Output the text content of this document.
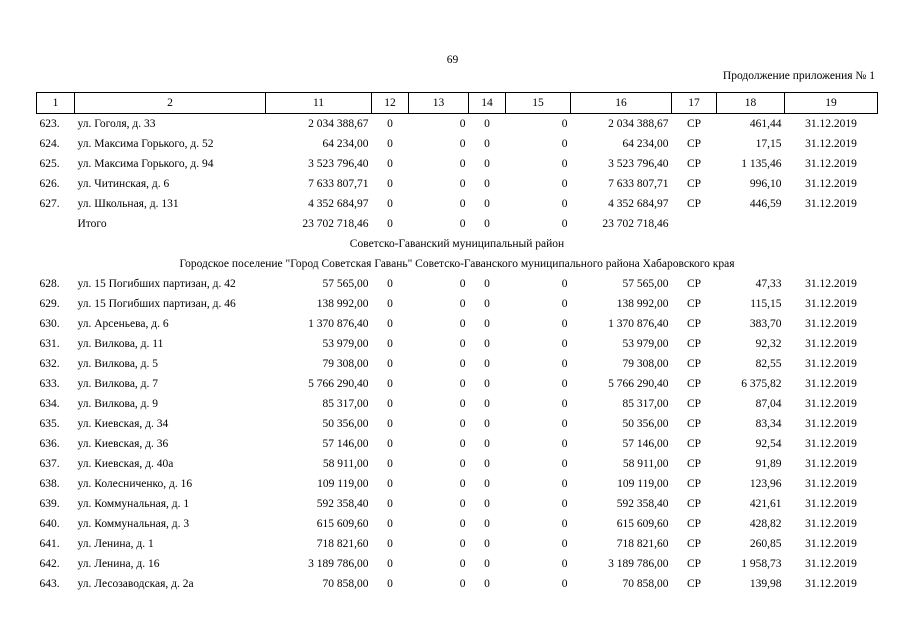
69
Продолжение приложения № 1
1	2	11	12	13	14	15	16	17	18	19
623.	ул. Гоголя, д. 33	2 034 388,67	0	0	0	0	2 034 388,67	СР	461,44	31.12.2019
624.	ул. Максима Горького, д. 52	64 234,00	0	0	0	0	64 234,00	СР	17,15	31.12.2019
625.	ул. Максима Горького, д. 94	3 523 796,40	0	0	0	0	3 523 796,40	СР	1 135,46	31.12.2019
626.	ул. Читинская, д. 6	7 633 807,71	0	0	0	0	7 633 807,71	СР	996,10	31.12.2019
627.	ул. Школьная, д. 131	4 352 684,97	0	0	0	0	4 352 684,97	СР	446,59	31.12.2019
	Итого	23 702 718,46	0	0	0	0	23 702 718,46			
Советско-Гаванский муниципальный район										
Городское поселение "Город Советская Гавань" Советско-Гаванского муниципального района Хабаровского края										
628.	ул. 15 Погибших партизан, д. 42	57 565,00	0	0	0	0	57 565,00	СР	47,33	31.12.2019
629.	ул. 15 Погибших партизан, д. 46	138 992,00	0	0	0	0	138 992,00	СР	115,15	31.12.2019
630.	ул. Арсеньева, д. 6	1 370 876,40	0	0	0	0	1 370 876,40	СР	383,70	31.12.2019
631.	ул. Вилкова, д. 11	53 979,00	0	0	0	0	53 979,00	СР	92,32	31.12.2019
632.	ул. Вилкова, д. 5	79 308,00	0	0	0	0	79 308,00	СР	82,55	31.12.2019
633.	ул. Вилкова, д. 7	5 766 290,40	0	0	0	0	5 766 290,40	СР	6 375,82	31.12.2019
634.	ул. Вилкова, д. 9	85 317,00	0	0	0	0	85 317,00	СР	87,04	31.12.2019
635.	ул. Киевская, д. 34	50 356,00	0	0	0	0	50 356,00	СР	83,34	31.12.2019
636.	ул. Киевская, д. 36	57 146,00	0	0	0	0	57 146,00	СР	92,54	31.12.2019
637.	ул. Киевская, д. 40а	58 911,00	0	0	0	0	58 911,00	СР	91,89	31.12.2019
638.	ул. Колесниченко, д. 16	109 119,00	0	0	0	0	109 119,00	СР	123,96	31.12.2019
639.	ул. Коммунальная, д. 1	592 358,40	0	0	0	0	592 358,40	СР	421,61	31.12.2019
640.	ул. Коммунальная, д. 3	615 609,60	0	0	0	0	615 609,60	СР	428,82	31.12.2019
641.	ул. Ленина, д. 1	718 821,60	0	0	0	0	718 821,60	СР	260,85	31.12.2019
642.	ул. Ленина, д. 16	3 189 786,00	0	0	0	0	3 189 786,00	СР	1 958,73	31.12.2019
643.	ул. Лесозаводская, д. 2а	70 858,00	0	0	0	0	70 858,00	СР	139,98	31.12.2019
